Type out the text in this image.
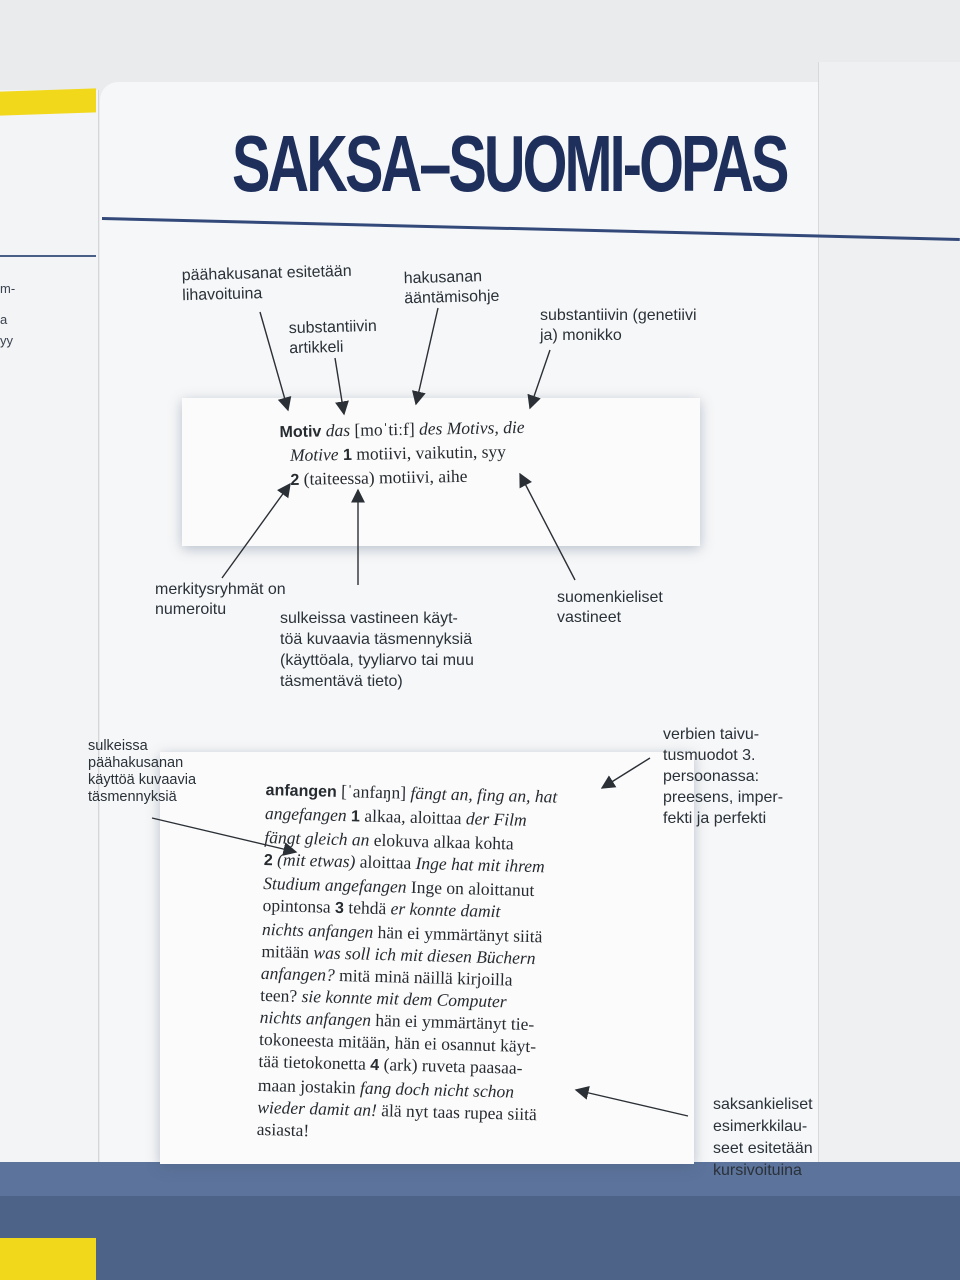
m-
a
yy
SAKSA–SUOMI-OPAS
päähakusanat esitetään
lihavoituina
hakusanan
ääntämisohje
substantiivin
artikkeli
substantiivin (genetiivi
ja) monikko
Motiv das [moˈtiːf] des Motivs, die
Motive 1 motiivi, vaikutin, syy
2 (taiteessa) motiivi, aihe
merkitysryhmät on
numeroitu
sulkeissa vastineen käyt-
töä kuvaavia täsmennyksiä
(käyttöala, tyyliarvo tai muu
täsmentävä tieto)
suomenkieliset
vastineet
sulkeissa
päähakusanan
käyttöä kuvaavia
täsmennyksiä
verbien taivu-
tusmuodot 3.
persoonassa:
preesens, imper-
fekti ja perfekti
anfangen [ˈanfaŋn] fängt an, fing an, hat
angefangen 1 alkaa, aloittaa der Film
fängt gleich an elokuva alkaa kohta
2 (mit etwas) aloittaa Inge hat mit ihrem
Studium angefangen Inge on aloittanut
opintonsa 3 tehdä er konnte damit
nichts anfangen hän ei ymmärtänyt siitä
mitään was soll ich mit diesen Büchern
anfangen? mitä minä näillä kirjoilla
teen? sie konnte mit dem Computer
nichts anfangen hän ei ymmärtänyt tie-
tokoneesta mitään, hän ei osannut käyt-
tää tietokonetta 4 (ark) ruveta paasaa-
maan jostakin fang doch nicht schon
wieder damit an! älä nyt taas rupea siitä
asiasta!
saksankieliset
esimerkkilau-
seet esitetään
kursivoituina
